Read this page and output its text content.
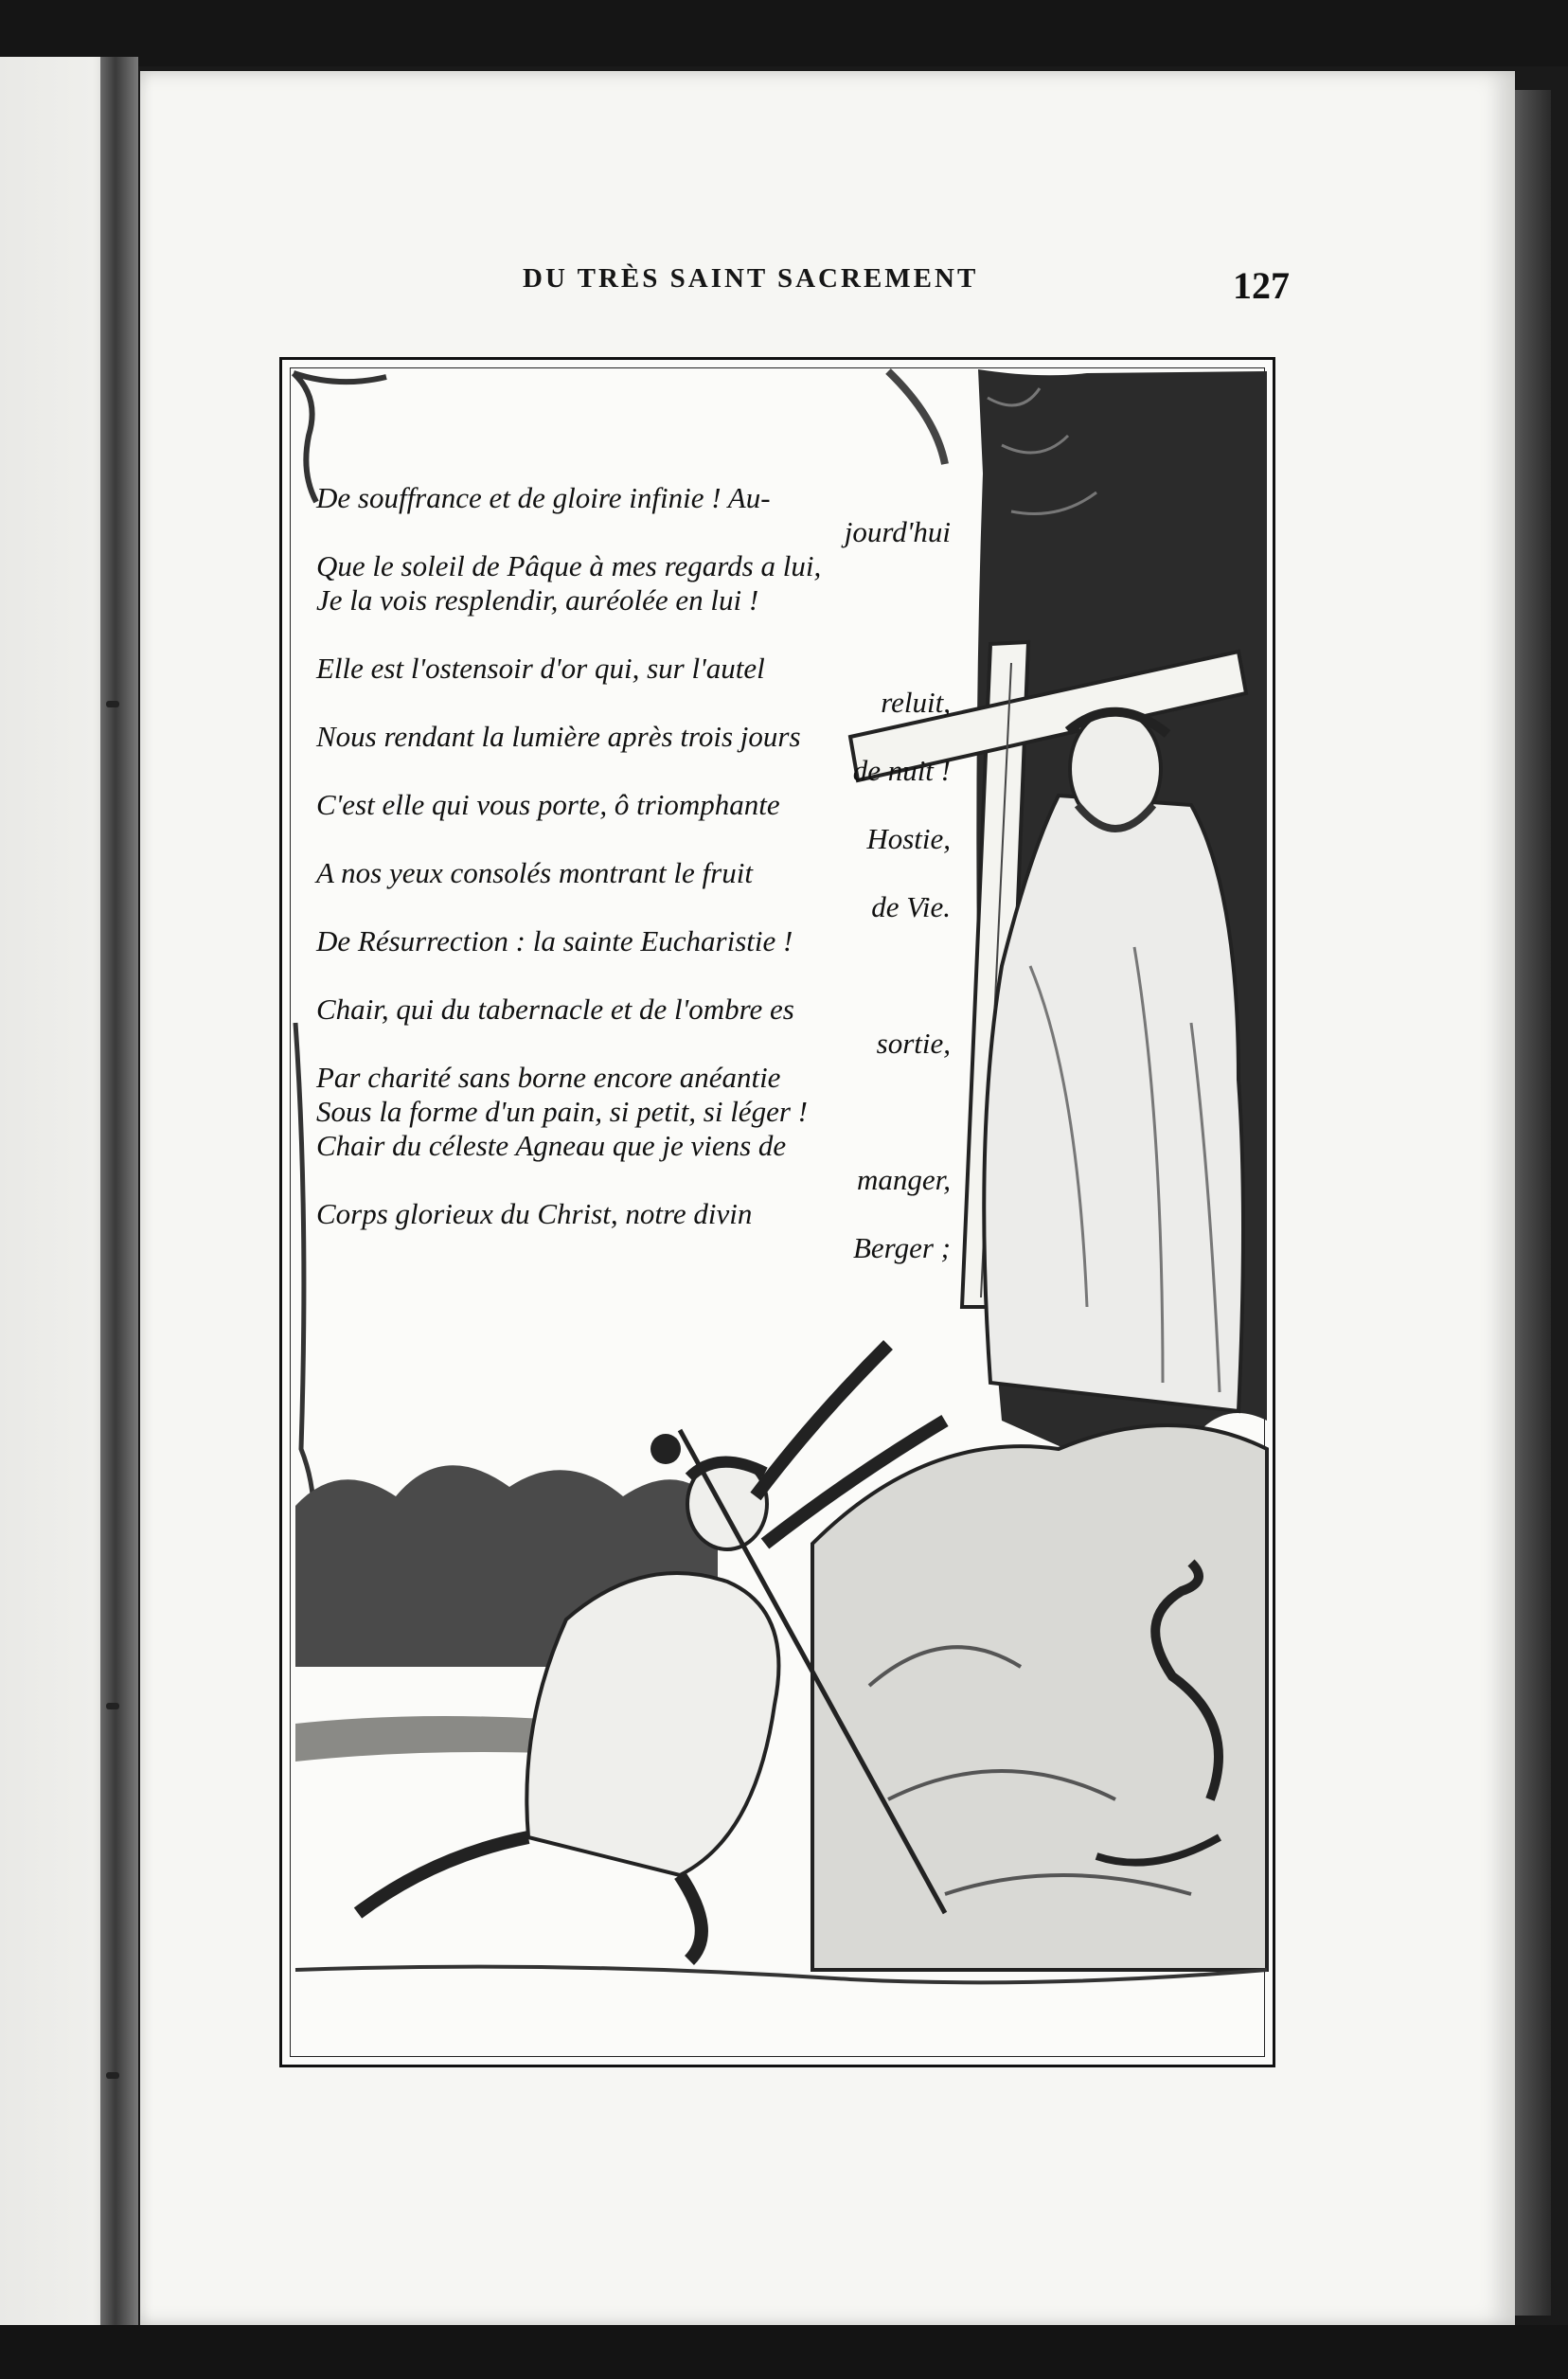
DU TRÈS SAINT SACREMENT	127
De souffrance et de gloire infinie ! Au-
jourd'hui
Que le soleil de Pâque à mes regards a lui,
Je la vois resplendir, auréolée en lui !
Elle est l'ostensoir d'or qui, sur l'autel
reluit,
Nous rendant la lumière après trois jours
de nuit !
C'est elle qui vous porte, ô triomphante
Hostie,
A nos yeux consolés montrant le fruit
de Vie.
De Résurrection : la sainte Eucharistie !
Chair, qui du tabernacle et de l'ombre es
sortie,
Par charité sans borne encore anéantie
Sous la forme d'un pain, si petit, si léger !
Chair du céleste Agneau que je viens de
manger,
Corps glorieux du Christ, notre divin
Berger ;
